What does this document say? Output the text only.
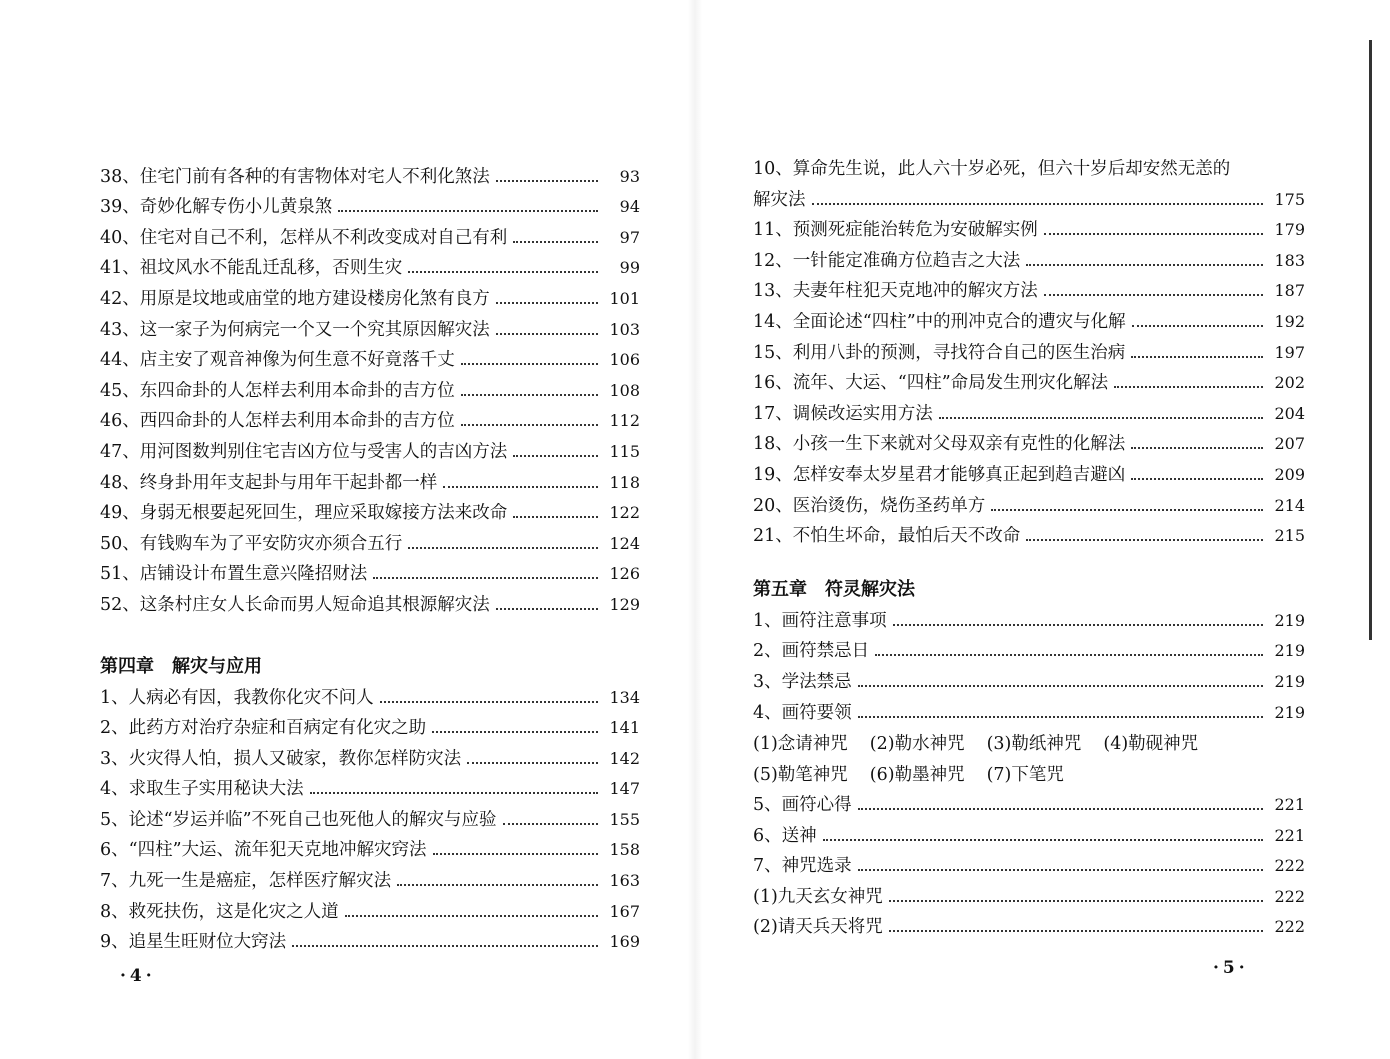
38、住宅门前有各种的有害物体对宅人不利化煞法	93
39、奇妙化解专伤小儿黄泉煞	94
40、住宅对自己不利，怎样从不利改变成对自己有利	97
41、祖坟风水不能乱迁乱移，否则生灾	99
42、用原是坟地或庙堂的地方建设楼房化煞有良方	101
43、这一家子为何病完一个又一个究其原因解灾法	103
44、店主安了观音神像为何生意不好竟落千丈	106
45、东四命卦的人怎样去利用本命卦的吉方位	108
46、西四命卦的人怎样去利用本命卦的吉方位	112
47、用河图数判别住宅吉凶方位与受害人的吉凶方法	115
48、终身卦用年支起卦与用年干起卦都一样	118
49、身弱无根要起死回生，理应采取嫁接方法来改命	122
50、有钱购车为了平安防灾亦须合五行	124
51、店铺设计布置生意兴隆招财法	126
52、这条村庄女人长命而男人短命追其根源解灾法	129
第四章 解灾与应用
1、人病必有因，我教你化灾不问人	134
2、此药方对治疗杂症和百病定有化灾之助	141
3、火灾得人怕，损人又破家，教你怎样防灾法	142
4、求取生子实用秘诀大法	147
5、论述“岁运并临”不死自己也死他人的解灾与应验	155
6、“四柱”大运、流年犯天克地冲解灾窍法	158
7、九死一生是癌症，怎样医疗解灾法	163
8、救死扶伤，这是化灾之人道	167
9、追星生旺财位大窍法	169
·4·
10、算命先生说，此人六十岁必死，但六十岁后却安然无恙的
解灾法	175
11、预测死症能治转危为安破解实例	179
12、一针能定准确方位趋吉之大法	183
13、夫妻年柱犯天克地冲的解灾方法	187
14、全面论述“四柱”中的刑冲克合的遭灾与化解	192
15、利用八卦的预测，寻找符合自己的医生治病	197
16、流年、大运、“四柱”命局发生刑灾化解法	202
17、调候改运实用方法	204
18、小孩一生下来就对父母双亲有克性的化解法	207
19、怎样安奉太岁星君才能够真正起到趋吉避凶	209
20、医治烫伤，烧伤圣药单方	214
21、不怕生坏命，最怕后天不改命	215
第五章 符灵解灾法
1、画符注意事项	219
2、画符禁忌日	219
3、学法禁忌	219
4、画符要领	219
(1)念请神咒 (2)勒水神咒 (3)勒纸神咒 (4)勒砚神咒
(5)勒笔神咒 (6)勒墨神咒 (7)下笔咒
5、画符心得	221
6、送神	221
7、神咒选录	222
(1)九天玄女神咒	222
(2)请天兵天将咒	222
·5·
